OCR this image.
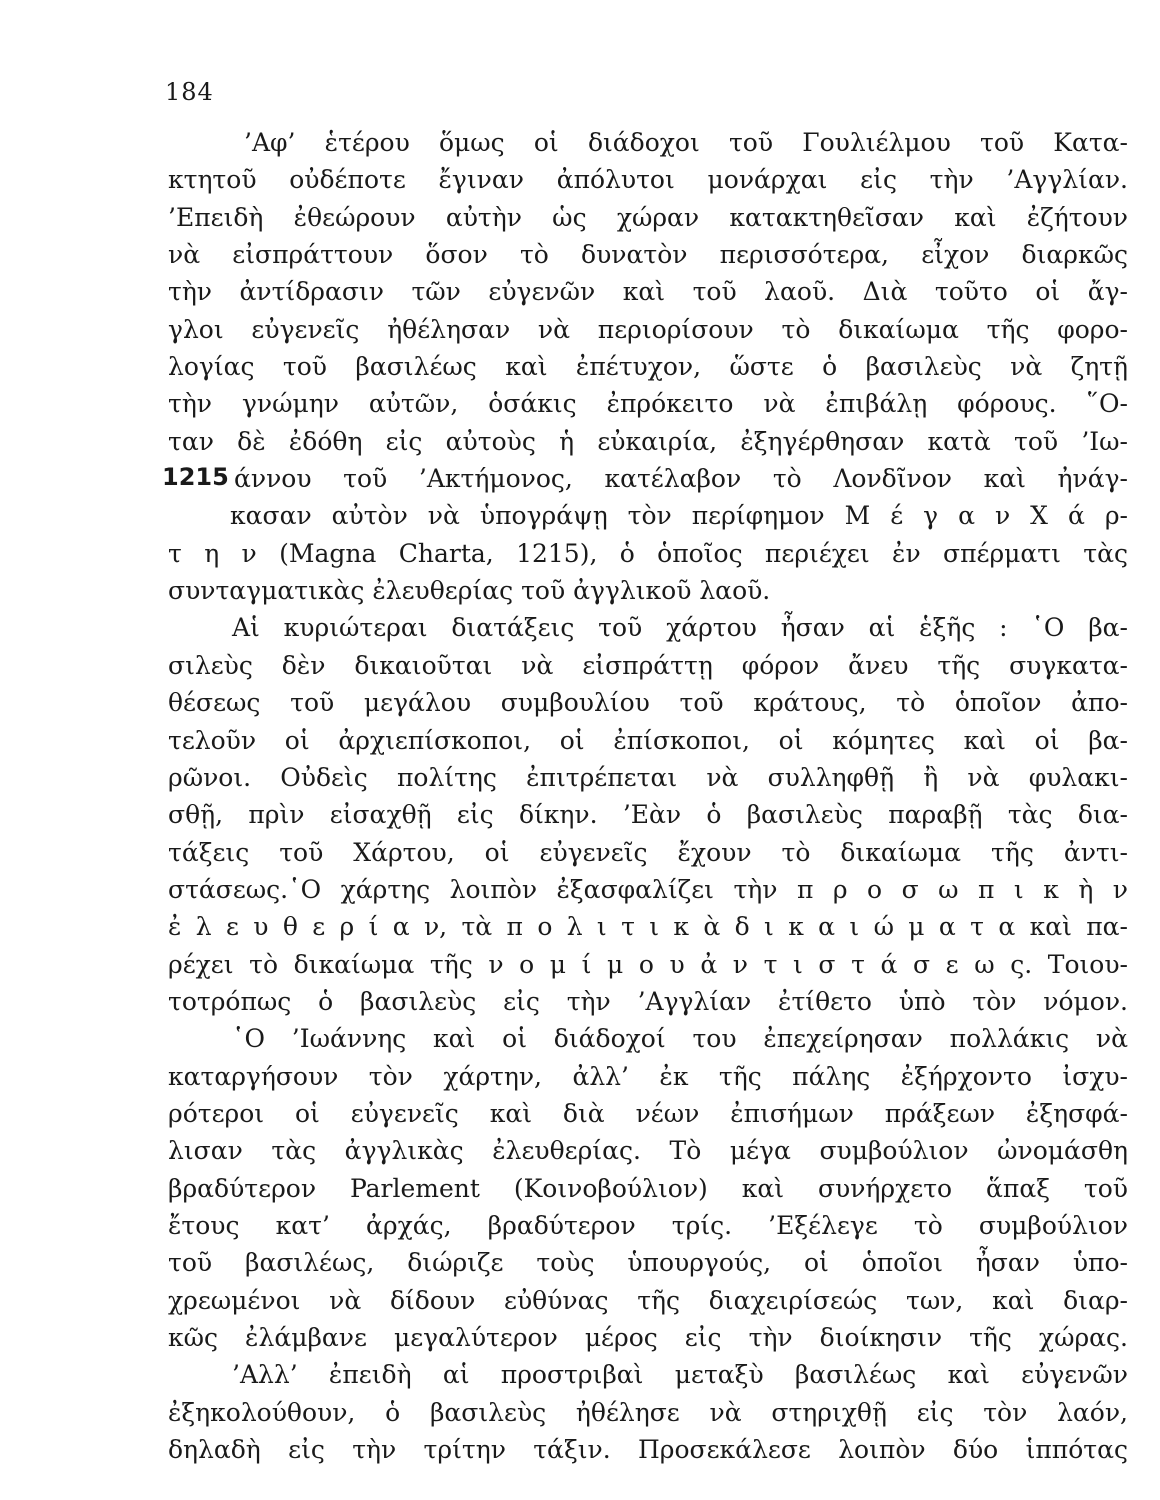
184
1215
’Αφ’ ἑτέρου ὅμως οἱ διάδοχοι τοῦ Γουλιέλμου τοῦ Κατα-
κτητοῦ οὐδέποτε ἔγιναν ἀπόλυτοι μονάρχαι εἰς τὴν ’Αγγλίαν.
’Επειδὴ ἐθεώρουν αὐτὴν ὡς χώραν κατακτηθεῖσαν καὶ ἐζήτουν
νὰ εἰσπράττουν ὅσον τὸ δυνατὸν περισσότερα, εἶχον διαρκῶς
τὴν ἀντίδρασιν τῶν εὐγενῶν καὶ τοῦ λαοῦ. Διὰ τοῦτο οἱ ἄγ-
γλοι εὐγενεῖς ἠθέλησαν νὰ περιορίσουν τὸ δικαίωμα τῆς φορο-
λογίας τοῦ βασιλέως καὶ ἐπέτυχον, ὥστε ὁ βασιλεὺς νὰ ζητῇ
τὴν γνώμην αὐτῶν, ὁσάκις ἐπρόκειτο νὰ ἐπιβάλῃ φόρους. ῞Ο-
ταν δὲ ἐδόθη εἰς αὐτοὺς ἡ εὐκαιρία, ἐξηγέρθησαν κατὰ τοῦ ’Ιω-
άννου τοῦ ’Ακτήμονος, κατέλαβον τὸ Λονδῖνον καὶ ἠνάγ-
κασαν αὐτὸν νὰ ὑπογράψῃ τὸν περίφημον Μ έ γ α ν Χ ά ρ-
τ η ν (Magna Charta, 1215), ὁ ὁποῖος περιέχει ἐν σπέρματι τὰς
συνταγματικὰς ἐλευθερίας τοῦ ἀγγλικοῦ λαοῦ.
Αἱ κυριώτεραι διατάξεις τοῦ χάρτου ἦσαν αἱ ἑξῆς : ῾Ο βα-
σιλεὺς δὲν δικαιοῦται νὰ εἰσπράττῃ φόρον ἄνευ τῆς συγκατα-
θέσεως τοῦ μεγάλου συμβουλίου τοῦ κράτους, τὸ ὁποῖον ἀπο-
τελοῦν οἱ ἀρχιεπίσκοποι, οἱ ἐπίσκοποι, οἱ κόμητες καὶ οἱ βα-
ρῶνοι. Οὐδεὶς πολίτης ἐπιτρέπεται νὰ συλληφθῇ ἢ νὰ φυλακι-
σθῇ, πρὶν εἰσαχθῇ εἰς δίκην. ’Εὰν ὁ βασιλεὺς παραβῇ τὰς δια-
τάξεις τοῦ Χάρτου, οἱ εὐγενεῖς ἔχουν τὸ δικαίωμα τῆς ἀντι-
στάσεως.῾Ο χάρτης λοιπὸν ἐξασφαλίζει τὴν π ρ ο σ ω π ι κ ὴ ν
ἐ λ ε υ θ ε ρ ί α ν, τὰ π ο λ ι τ ι κ ὰ δ ι κ α ι ώ μ α τ α καὶ πα-
ρέχει τὸ δικαίωμα τῆς ν ο μ ί μ ο υ ἀ ν τ ι σ τ ά σ ε ω ς. Τοιου-
τοτρόπως ὁ βασιλεὺς εἰς τὴν ’Αγγλίαν ἐτίθετο ὑπὸ τὸν νόμον.
῾Ο ’Ιωάννης καὶ οἱ διάδοχοί του ἐπεχείρησαν πολλάκις νὰ
καταργήσουν τὸν χάρτην, ἀλλ’ ἐκ τῆς πάλης ἐξήρχοντο ἰσχυ-
ρότεροι οἱ εὐγενεῖς καὶ διὰ νέων ἐπισήμων πράξεων ἐξησφά-
λισαν τὰς ἀγγλικὰς ἐλευθερίας. Τὸ μέγα συμβούλιον ὠνομάσθη
βραδύτερον Parlement (Κοινοβούλιον) καὶ συνήρχετο ἅπαξ τοῦ
ἔτους κατ’ ἀρχάς, βραδύτερον τρίς. ’Εξέλεγε τὸ συμβούλιον
τοῦ βασιλέως, διώριζε τοὺς ὑπουργούς, οἱ ὁποῖοι ἦσαν ὑπο-
χρεωμένοι νὰ δίδουν εὐθύνας τῆς διαχειρίσεώς των, καὶ διαρ-
κῶς ἐλάμβανε μεγαλύτερον μέρος εἰς τὴν διοίκησιν τῆς χώρας.
’Αλλ’ ἐπειδὴ αἱ προστριβαὶ μεταξὺ βασιλέως καὶ εὐγενῶν
ἐξηκολούθουν, ὁ βασιλεὺς ἠθέλησε νὰ στηριχθῇ εἰς τὸν λαόν,
δηλαδὴ εἰς τὴν τρίτην τάξιν. Προσεκάλεσε λοιπὸν δύο ἱππότας
